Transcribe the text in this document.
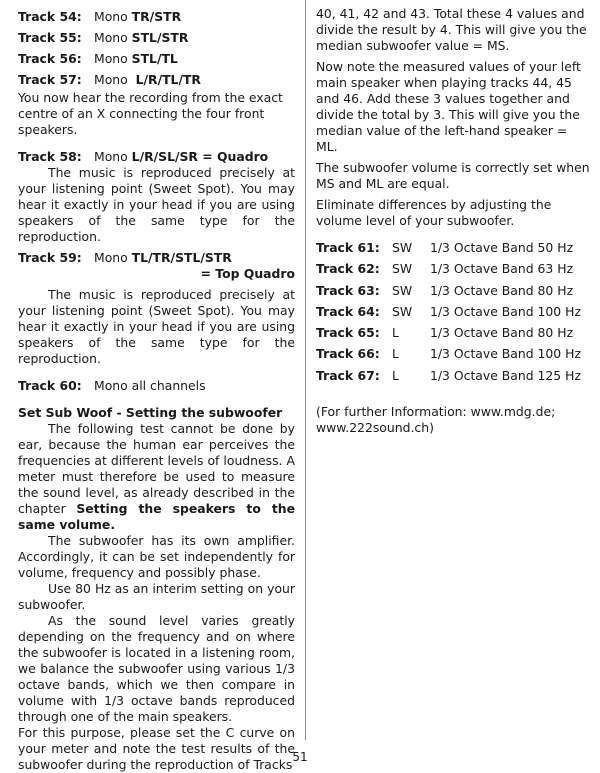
Track 54: Mono TR/STR
Track 55: Mono STL/STR
Track 56: Mono STL/TL
Track 57: Mono L/R/TL/TR

You now hear the recording from the exact centre of an X connecting the four front speakers.

Track 58: Mono L/R/SL/SR = Quadro

The music is reproduced precisely at your listening point (Sweet Spot). You may hear it exactly in your head if you are using speakers of the same type for the reproduction.

Track 59: Mono TL/TR/STL/STR
= Top Quadro

The music is reproduced precisely at your listening point (Sweet Spot). You may hear it exactly in your head if you are using speakers of the same type for the reproduction.

Track 60: Mono all channels

Set Sub Woof - Setting the subwoofer

The following test cannot be done by ear, because the human ear perceives the frequencies at different levels of loudness. A meter must therefore be used to measure the sound level, as already described in the chapter Setting the speakers to the same volume.

The subwoofer has its own amplifier. Accordingly, it can be set independently for volume, frequency and possibly phase.

Use 80 Hz as an interim setting on your subwoofer.

As the sound level varies greatly depending on the frequency and on where the subwoofer is located in a listening room, we balance the subwoofer using various 1/3 octave bands, which we then compare in volume with 1/3 octave bands reproduced through one of the main speakers.

For this purpose, please set the C curve on your meter and note the test results of the subwoofer during the reproduction of Tracks

40, 41, 42 and 43. Total these 4 values and divide the result by 4. This will give you the median subwoofer value = MS.

Now note the measured values of your left main speaker when playing tracks 44, 45 and 46. Add these 3 values together and divide the total by 3. This will give you the median value of the left-hand speaker = ML.

The subwoofer volume is correctly set when MS and ML are equal.

Eliminate differences by adjusting the volume level of your subwoofer.

Track 61: SW 1/3 Octave Band 50 Hz
Track 62: SW 1/3 Octave Band 63 Hz
Track 63: SW 1/3 Octave Band 80 Hz
Track 64: SW 1/3 Octave Band 100 Hz
Track 65: L	1/3 Octave Band 80 Hz
Track 66: L	1/3 Octave Band 100 Hz
Track 67: L	1/3 Octave Band 125 Hz

(For further Information: www.mdg.de; www.222sound.ch)

51
